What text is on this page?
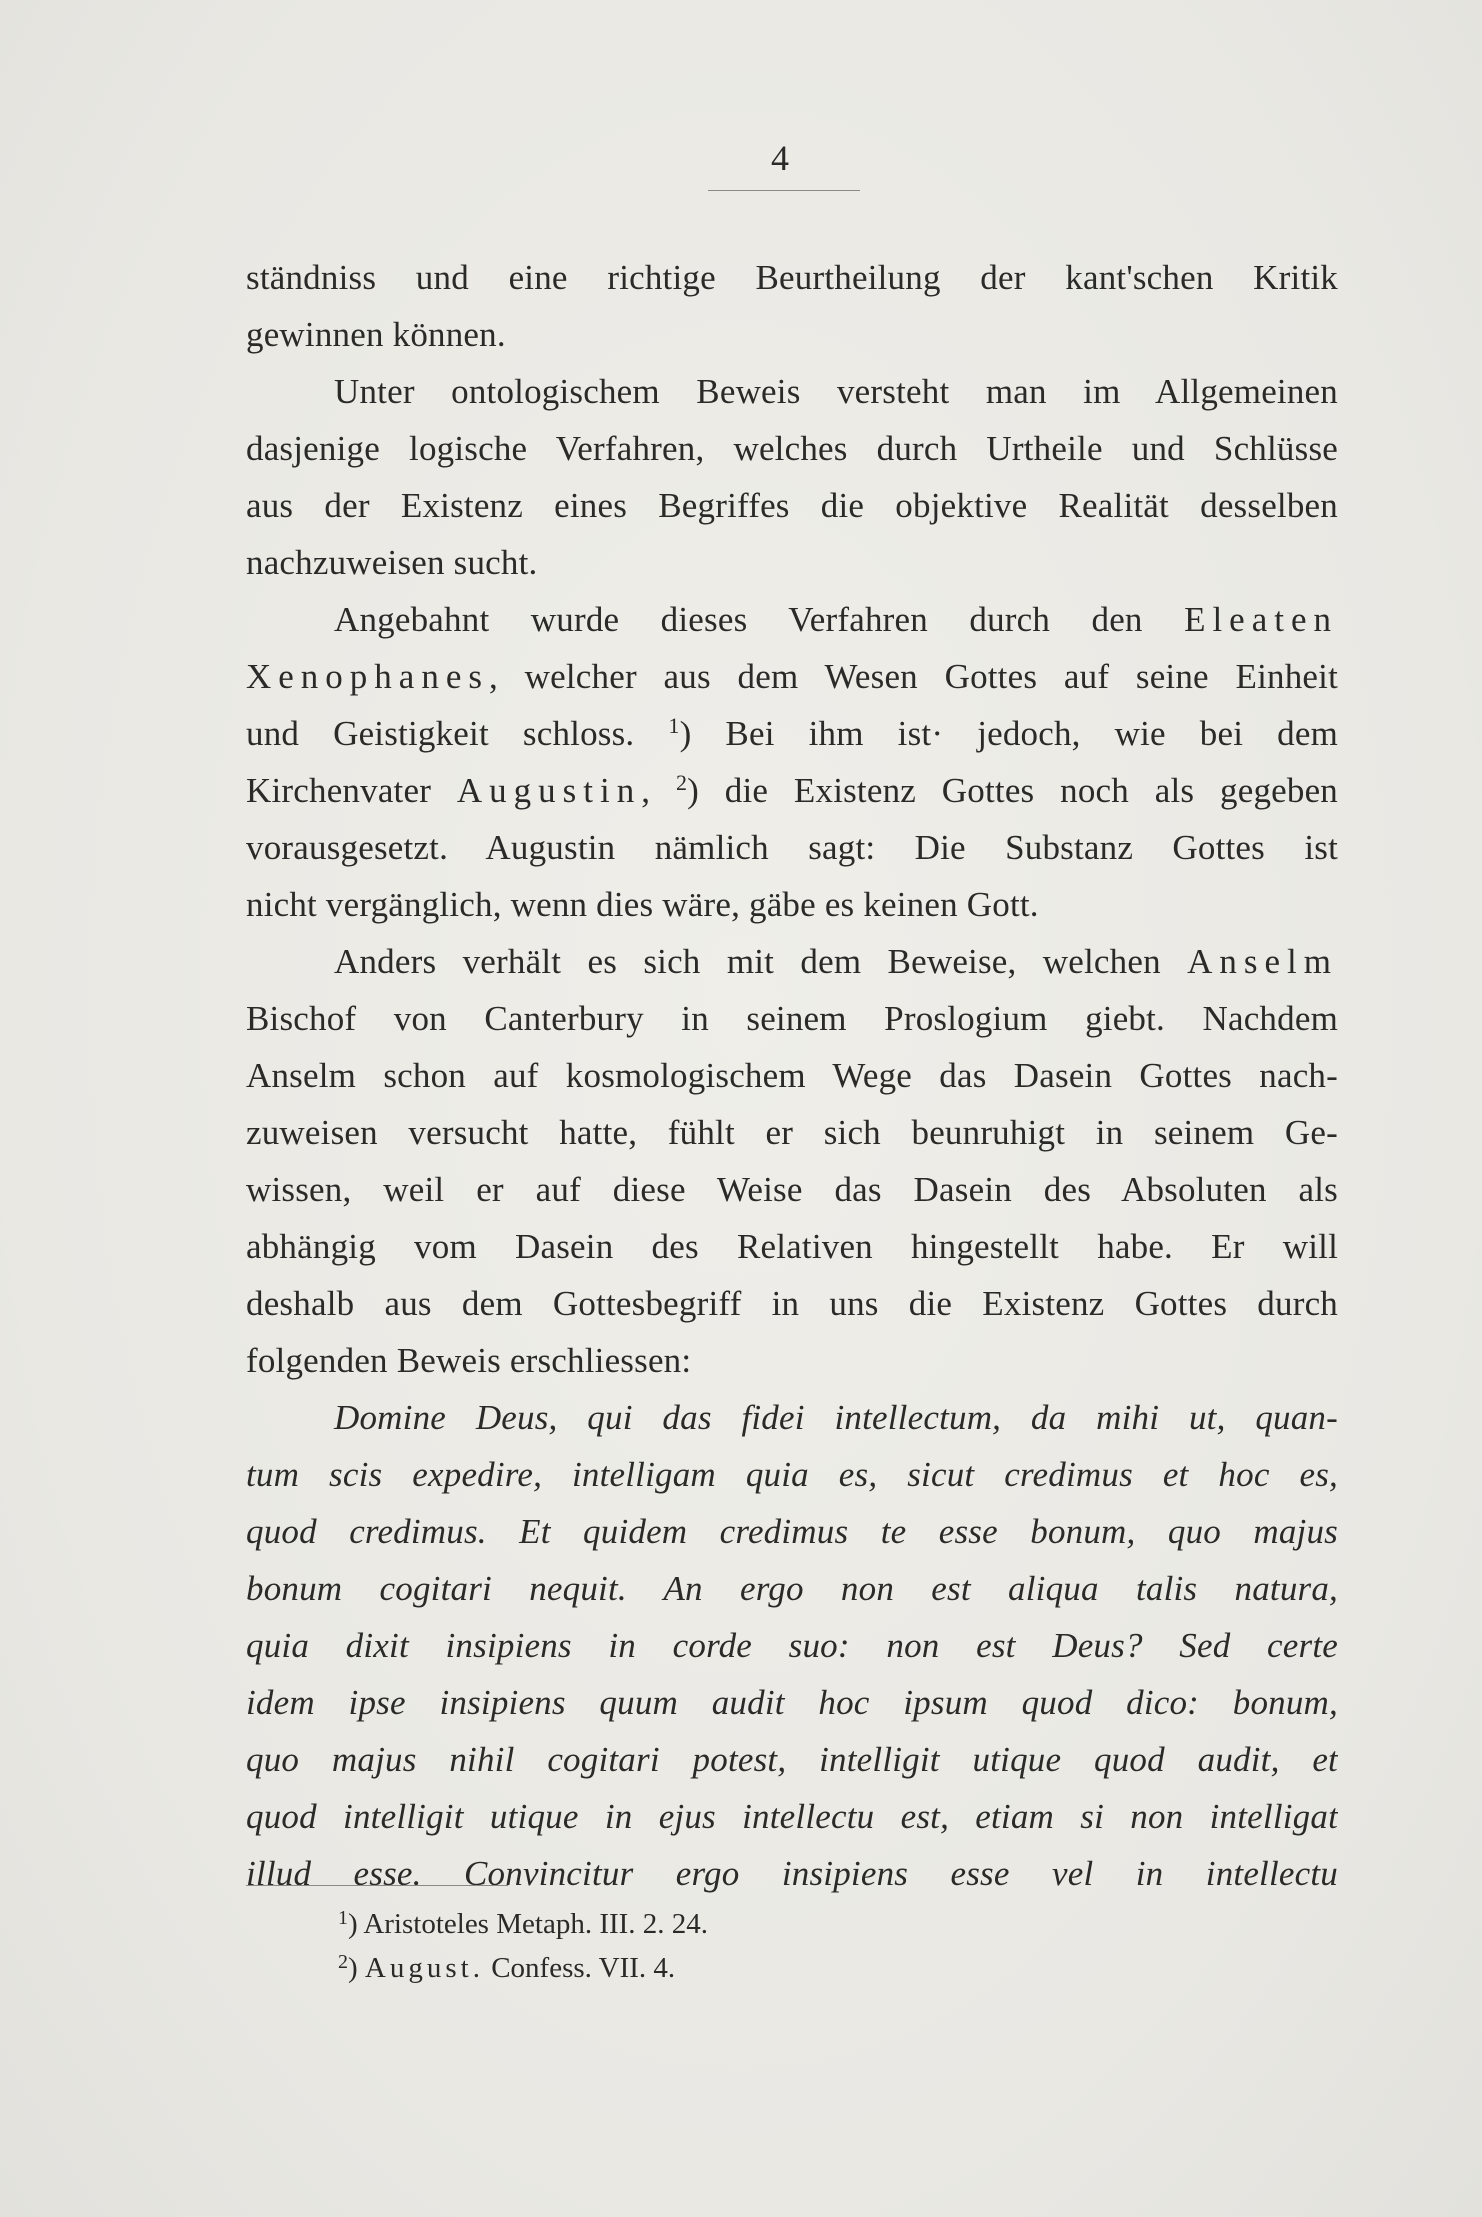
4
ständniss und eine richtige Beurtheilung der kant'schen Kritik
gewinnen können.
Unter ontologischem Beweis versteht man im Allgemeinen
dasjenige logische Verfahren, welches durch Urtheile und Schlüsse
aus der Existenz eines Begriffes die objektive Realität desselben
nachzuweisen sucht.
Angebahnt wurde dieses Verfahren durch den Eleaten
Xenophanes, welcher aus dem Wesen Gottes auf seine Einheit
und Geistigkeit schloss. $^1$) Bei ihm ist· jedoch, wie bei dem
Kirchenvater Augustin, $^2$) die Existenz Gottes noch als gegeben
vorausgesetzt. Augustin nämlich sagt: Die Substanz Gottes ist
nicht vergänglich, wenn dies wäre, gäbe es keinen Gott.
Anders verhält es sich mit dem Beweise, welchen Anselm
Bischof von Canterbury in seinem Proslogium giebt. Nachdem
Anselm schon auf kosmologischem Wege das Dasein Gottes nach-
zuweisen versucht hatte, fühlt er sich beunruhigt in seinem Ge-
wissen, weil er auf diese Weise das Dasein des Absoluten als
abhängig vom Dasein des Relativen hingestellt habe. Er will
deshalb aus dem Gottesbegriff in uns die Existenz Gottes durch
folgenden Beweis erschliessen:
Domine Deus, qui das fidei intellectum, da mihi ut, quan-
tum scis expedire, intelligam quia es, sicut credimus et hoc es,
quod credimus. Et quidem credimus te esse bonum, quo majus
bonum cogitari nequit. An ergo non est aliqua talis natura,
quia dixit insipiens in corde suo: non est Deus? Sed certe
idem ipse insipiens quum audit hoc ipsum quod dico: bonum,
quo majus nihil cogitari potest, intelligit utique quod audit, et
quod intelligit utique in ejus intellectu est, etiam si non intelligat
illud esse. Convincitur ergo insipiens esse vel in intellectu
$^1$) Aristoteles Metaph. III. 2. 24.
$^2$) August. Confess. VII. 4.
